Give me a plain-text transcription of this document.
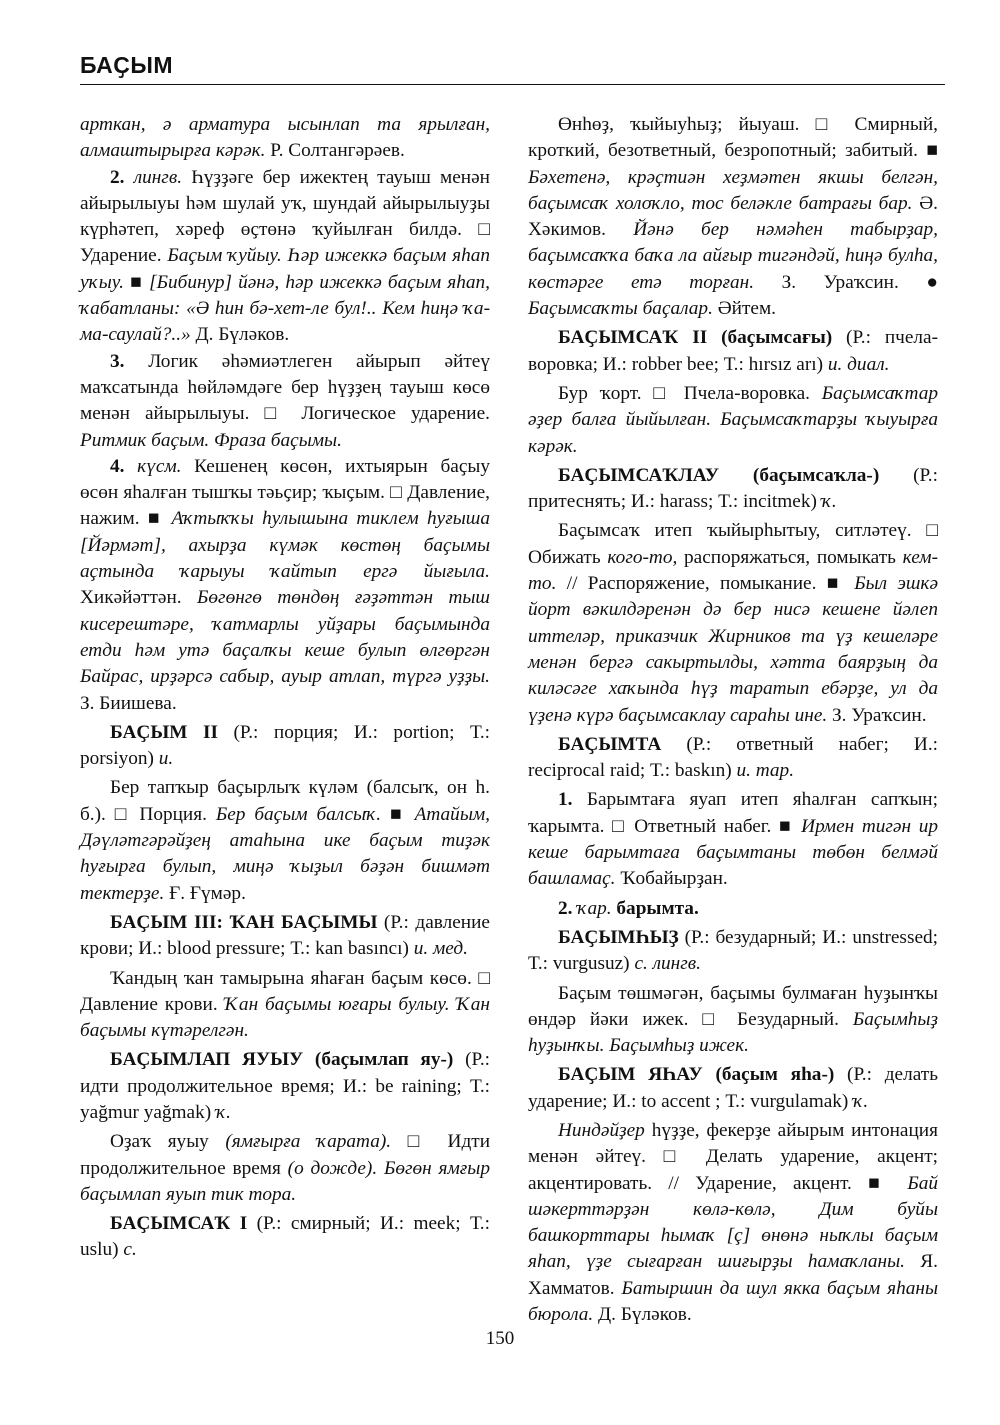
БАҪЫМ

арткан, ә арматура ысынлап та ярылған, алмаштырырға кәрәк. Р. Солтангәрәев.

2. лингв. Һүҙҙәге бер ижектең тауыш менән айырылыуы һәм шулай уҡ, шундай айырылыуҙы күрһәтеп, хәреф өҫтөнә ҡуйылған билдә. □ Ударение. Баҫым ҡуйыу. Һәр ижеккә баҫым яһап уҡыу. ■ [Бибинур] йәнә, һәр ижеккә баҫым яһап, ҡабатланы: «Ә һин бә-хет-ле бул!.. Кем һиңә ҡа-ма-саулай?..» Д. Бүләков.

3. Логик әһәмиәтлеген айырып әйтеү маҡсатында һөйләмдәге бер һүҙҙең тауыш көсө менән айырылыуы. □ Логическое ударение. Ритмик баҫым. Фраза баҫымы.

4. күсм. Кешенең көсөн, ихтыярын баҫыу өсөн яһалған тышҡы тәьҫир; ҡыҫым. □ Давление, нажим. ■ Аҡтыҡҡы һулышына тиклем һуғыша [Йәрмәт], ахырҙа күмәк көстөң баҫымы аҫтында ҡарыуы ҡайтып ергә йығыла. Хикәйәттән. Бөгөнгө төндөң ғәҙәттән тыш кисерештәре, ҡатмарлы уйҙары баҫымында етди һәм утә баҫалҡы кеше булып өлгөргән Байрас, ирҙәрсә сабыр, ауыр атлап, түргә уҙҙы. З. Биишева.

БАҪЫМ II (Р.: порция; И.: portion; Т.: porsiyon) и.

Бер тапҡыр баҫырлыҡ күләм (балсыҡ, он h. б.). □ Порция. Бер баҫым балсыҡ. ■ Атайым, Дәүләтгәрәйҙең атаһына ике баҫым тиҙәк һуғырға булып, миңә ҡыҙыл бәҙән бишмәт тектерҙе. Ғ. Ғүмәр.

БАҪЫМ III: ҠАН БАҪЫМЫ (Р.: давление крови; И.: blood pressure; Т.: kan basıncı) и. мед.

Ҡандың ҡан тамырына яһаған баҫым көсө. □ Давление крови. Ҡан баҫымы юғары булыу. Ҡан баҫымы күтәрелгән.

БАҪЫМЛАП ЯУЫУ (баҫымлап яу-) (Р.: идти продолжительное время; И.: be raining; Т.: yağmur yağmak) ҡ.

Оҙаҡ яуыу (ямғырға ҡарата). □ Идти продолжительное время (о дожде). Бөгөн ямғыр баҫымлап яуып тик тора.

БАҪЫМСАҠ I (Р.: смирный; И.: meek; Т.: uslu) с.

Өнһөҙ, ҡыйыуһыҙ; йыуаш. □ Смирный, кроткий, безответный, безропотный; забитый. ■ Бәхетенә, крәҫтиән хеҙмәтен якшы белгән, баҫымсаҡ холоҡло, тос беләкле батрағы бар. Ә. Хәкимов. Йәнә бер нәмәһен табырҙар, баҫымсаҡҡа баҡа ла айғыр тигәндәй, һиңә булһа, көстәрге етә торған. З. Ураҡсин. ● Баҫымсаҡты баҫалар. Әйтем.

БАҪЫМСАҠ II (баҫымсағы) (Р.: пчела-воровка; И.: robber bee; Т.: hırsız arı) и. диал.

Бур ҡорт. □ Пчела-воровка. Баҫымсаҡтар әҙер балға йыйылған. Баҫымсаҡтарҙы ҡыуырға кәрәк.

БАҪЫМСАҠЛАУ (баҫымсаҡла-) (Р.: притеснять; И.: harass; Т.: incitmek) ҡ.

Баҫымсаҡ итеп ҡыйырһытыу, ситләтеү. □ Обижать кого-то, распоряжаться, помыкать кем-то. // Распоряжение, помыкание. ■ Был эшкә йорт вәкилдәренән дә бер нисә кешене йәлеп иттеләр, приказчик Жирников та үҙ кешеләре менән бергә сакыртылды, хәтта баярҙың да киләсәге хаҡында һүҙ таратып ебәрҙе, ул да үҙенә күрә баҫымсаклау сараһы ине. З. Ураҡсин.

БАҪЫМТА (Р.: ответный набег; И.: reciprocal raid; Т.: baskın) и. тар.

1. Барымтаға яуап итеп яһалған сапҡын; ҡарымта. □ Ответный набег. ■ Ирмен тигән ир кеше барымтаға баҫымтаны төбөн белмәй башламаҫ. Ҡобайырҙан.

2. ҡар. барымта.

БАҪЫМҺЫҘ (Р.: безударный; И.: unstressed; Т.: vurgusuz) с. лингв.

Баҫым төшмәгән, баҫымы булмаған һуҙынҡы өндәр йәки ижек. □ Безударный. Баҫымһыҙ һуҙынҡы. Баҫымһыҙ ижек.

БАҪЫМ ЯҺАУ (баҫым яһа-) (Р.: делать ударение; И.: to accent ; Т.: vurgulamak) ҡ.

Ниндәйҙер һүҙҙе, фекерҙе айырым интонация менән әйтеү. □ Делать ударение, акцент; акцентировать. // Ударение, акцент. ■ Бай шәкерттәрҙән көлә-көлә, Дим буйы башкорттары һымаҡ [ç] өнөнә ныҡлы баҫым яһап, үҙе сығарған шиғырҙы һамаҡланы. Я. Хамматов. Батыршин да шул якка баҫым яһаны бюрола. Д. Бүләков.

150
